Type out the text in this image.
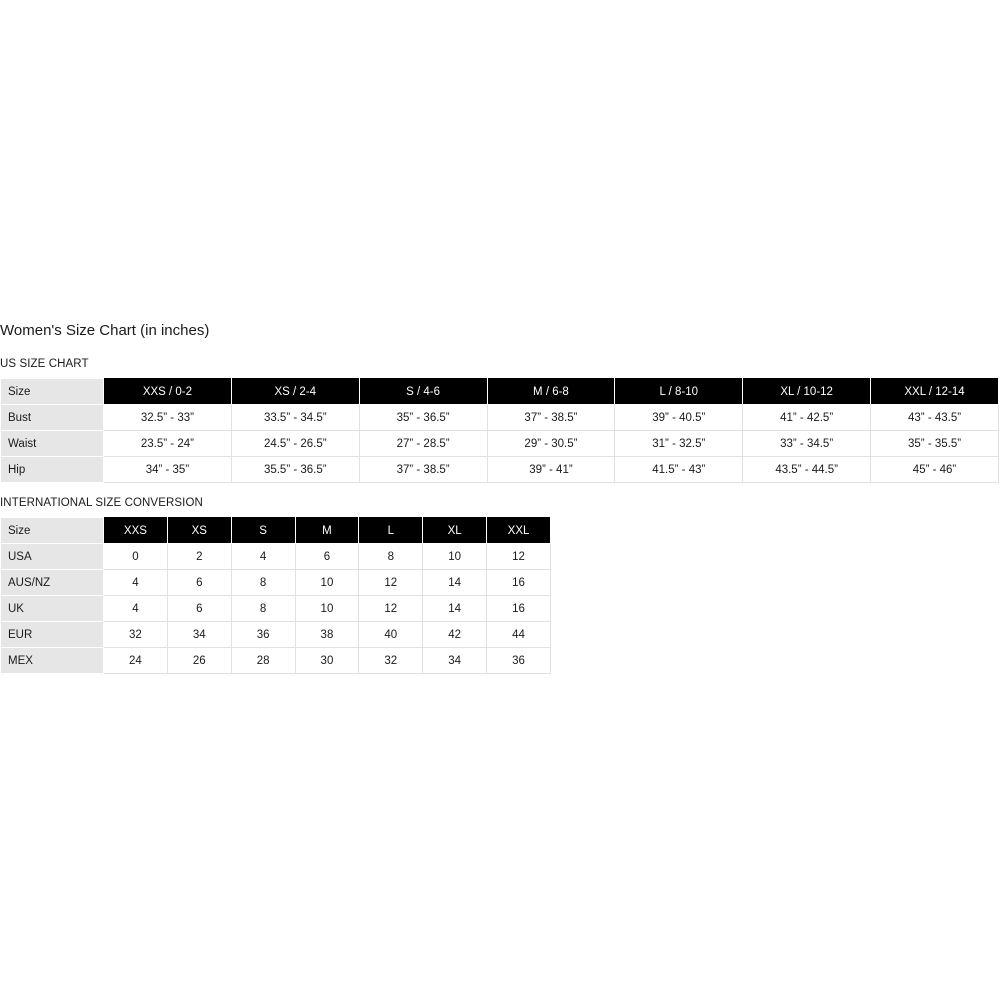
Women's Size Chart (in inches)
US SIZE CHART
Size	XXS / 0-2	XS / 2-4	S / 4-6	M / 6-8	L / 8-10	XL / 10-12	XXL / 12-14
Bust	32.5” - 33”	33.5” - 34.5”	35” - 36.5”	37” - 38.5”	39” - 40.5”	41” - 42.5”	43” - 43.5”
Waist	23.5” - 24”	24.5” - 26.5”	27” - 28.5”	29” - 30.5”	31” - 32.5”	33” - 34.5”	35” - 35.5”
Hip	34” - 35”	35.5” - 36.5”	37” - 38.5”	39” - 41”	41.5” - 43”	43.5” - 44.5”	45” - 46”
INTERNATIONAL SIZE CONVERSION
Size	XXS	XS	S	M	L	XL	XXL
USA	0	2	4	6	8	10	12
AUS/NZ	4	6	8	10	12	14	16
UK	4	6	8	10	12	14	16
EUR	32	34	36	38	40	42	44
MEX	24	26	28	30	32	34	36
